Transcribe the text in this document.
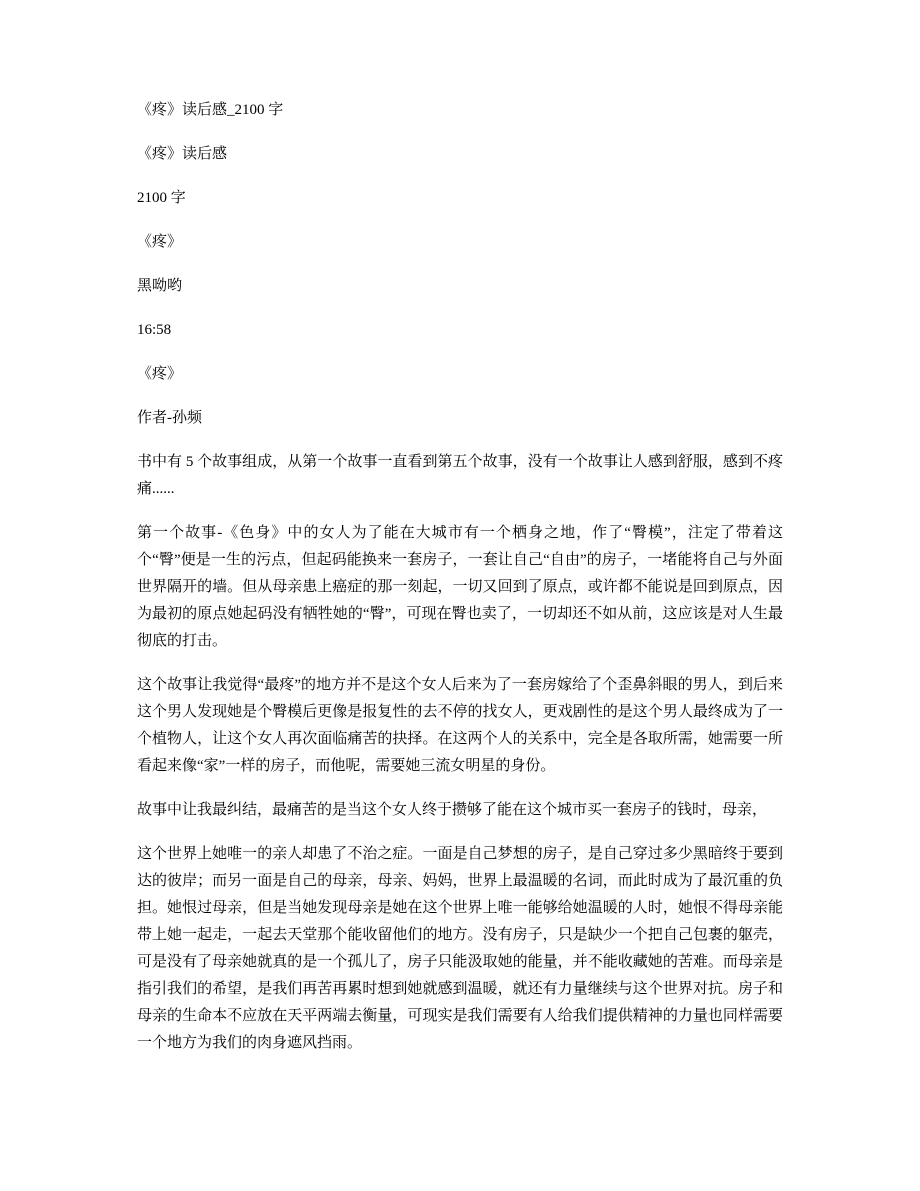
《疼》读后感_2100 字

《疼》读后感

2100 字

《疼》

黑呦哟

16:58

《疼》

作者-孙频

书中有 5 个故事组成，从第一个故事一直看到第五个故事，没有一个故事让人感到舒服，感到不疼痛......

第一个故事-《色身》中的女人为了能在大城市有一个栖身之地，作了“臀模”，注定了带着这个“臀”便是一生的污点，但起码能换来一套房子，一套让自己“自由”的房子，一堵能将自己与外面世界隔开的墙。但从母亲患上癌症的那一刻起，一切又回到了原点，或许都不能说是回到原点，因为最初的原点她起码没有牺牲她的“臀”，可现在臀也卖了，一切却还不如从前，这应该是对人生最彻底的打击。

这个故事让我觉得“最疼”的地方并不是这个女人后来为了一套房嫁给了个歪鼻斜眼的男人，到后来这个男人发现她是个臀模后更像是报复性的去不停的找女人，更戏剧性的是这个男人最终成为了一个植物人，让这个女人再次面临痛苦的抉择。在这两个人的关系中，完全是各取所需，她需要一所看起来像“家”一样的房子，而他呢，需要她三流女明星的身份。

故事中让我最纠结，最痛苦的是当这个女人终于攒够了能在这个城市买一套房子的钱时，母亲，

这个世界上她唯一的亲人却患了不治之症。一面是自己梦想的房子，是自己穿过多少黑暗终于要到达的彼岸；而另一面是自己的母亲，母亲、妈妈，世界上最温暖的名词，而此时成为了最沉重的负担。她恨过母亲，但是当她发现母亲是她在这个世界上唯一能够给她温暖的人时，她恨不得母亲能带上她一起走，一起去天堂那个能收留他们的地方。没有房子，只是缺少一个把自己包裹的躯壳，可是没有了母亲她就真的是一个孤儿了，房子只能汲取她的能量，并不能收藏她的苦难。而母亲是指引我们的希望，是我们再苦再累时想到她就感到温暖，就还有力量继续与这个世界对抗。房子和母亲的生命本不应放在天平两端去衡量，可现实是我们需要有人给我们提供精神的力量也同样需要一个地方为我们的肉身遮风挡雨。
